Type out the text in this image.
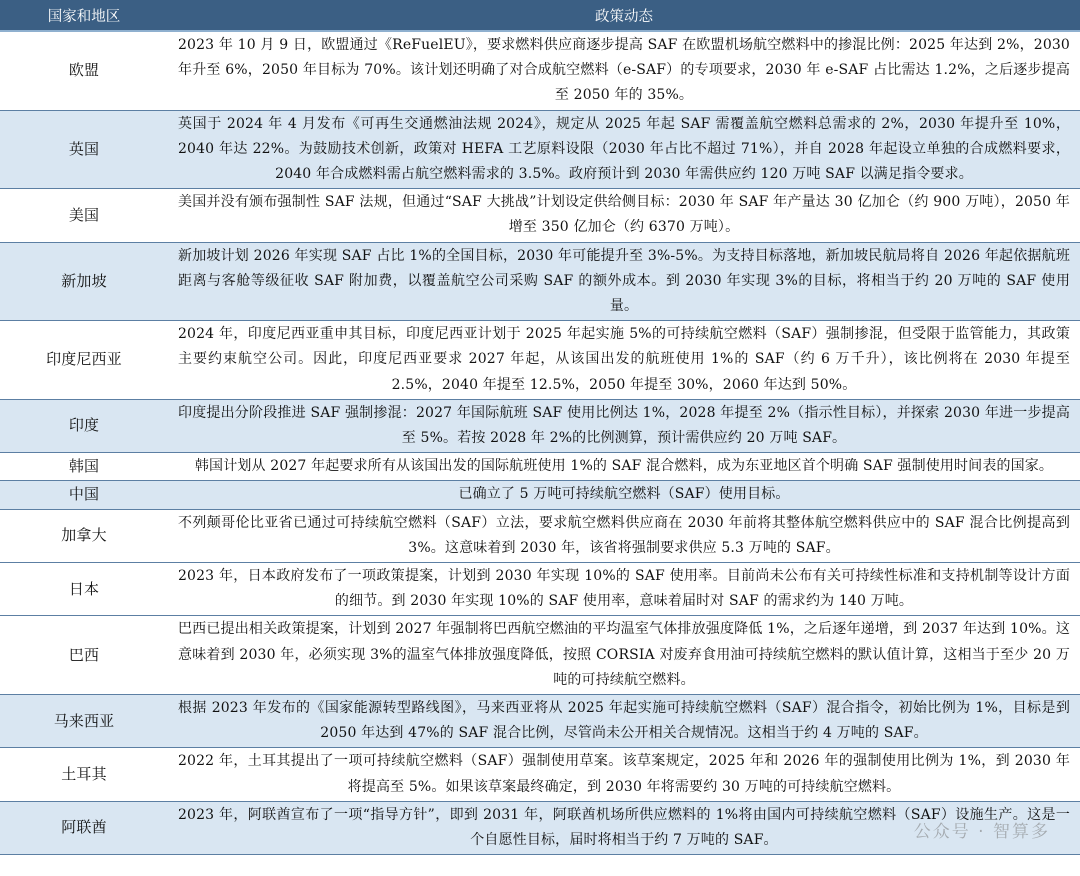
国家和地区	政策动态
欧盟	2023 年 10 月 9 日，欧盟通过《ReFuelEU》，要求燃料供应商逐步提高 SAF 在欧盟机场航空燃料中的掺混比例：2025 年达到 2%，2030 年升至 6%，2050 年目标为 70%。该计划还明确了对合成航空燃料（e-SAF）的专项要求，2030 年 e-SAF 占比需达 1.2%，之后逐步提高至 2050 年的 35%。
英国	英国于 2024 年 4 月发布《可再生交通燃油法规 2024》，规定从 2025 年起 SAF 需覆盖航空燃料总需求的 2%，2030 年提升至 10%，2040 年达 22%。为鼓励技术创新，政策对 HEFA 工艺原料设限（2030 年占比不超过 71%），并自 2028 年起设立单独的合成燃料要求，2040 年合成燃料需占航空燃料需求的 3.5%。政府预计到 2030 年需供应约 120 万吨 SAF 以满足指令要求。
美国	美国并没有颁布强制性 SAF 法规，但通过“SAF 大挑战”计划设定供给侧目标：2030 年 SAF 年产量达 30 亿加仑（约 900 万吨），2050 年增至 350 亿加仑（约 6370 万吨）。
新加坡	新加坡计划 2026 年实现 SAF 占比 1%的全国目标，2030 年可能提升至 3%-5%。为支持目标落地，新加坡民航局将自 2026 年起依据航班距离与客舱等级征收 SAF 附加费，以覆盖航空公司采购 SAF 的额外成本。到 2030 年实现 3%的目标，将相当于约 20 万吨的 SAF 使用量。
印度尼西亚	2024 年，印度尼西亚重申其目标，印度尼西亚计划于 2025 年起实施 5%的可持续航空燃料（SAF）强制掺混，但受限于监管能力，其政策主要约束航空公司。因此，印度尼西亚要求 2027 年起，从该国出发的航班使用 1%的 SAF（约 6 万千升），该比例将在 2030 年提至 2.5%，2040 年提至 12.5%，2050 年提至 30%，2060 年达到 50%。
印度	印度提出分阶段推进 SAF 强制掺混：2027 年国际航班 SAF 使用比例达 1%，2028 年提至 2%（指示性目标），并探索 2030 年进一步提高至 5%。若按 2028 年 2%的比例测算，预计需供应约 20 万吨 SAF。
韩国	韩国计划从 2027 年起要求所有从该国出发的国际航班使用 1%的 SAF 混合燃料，成为东亚地区首个明确 SAF 强制使用时间表的国家。
中国	已确立了 5 万吨可持续航空燃料（SAF）使用目标。
加拿大	不列颠哥伦比亚省已通过可持续航空燃料（SAF）立法，要求航空燃料供应商在 2030 年前将其整体航空燃料供应中的 SAF 混合比例提高到 3%。这意味着到 2030 年，该省将强制要求供应 5.3 万吨的 SAF。
日本	2023 年，日本政府发布了一项政策提案，计划到 2030 年实现 10%的 SAF 使用率。目前尚未公布有关可持续性标准和支持机制等设计方面的细节。到 2030 年实现 10%的 SAF 使用率，意味着届时对 SAF 的需求约为 140 万吨。
巴西	巴西已提出相关政策提案，计划到 2027 年强制将巴西航空燃油的平均温室气体排放强度降低 1%，之后逐年递增，到 2037 年达到 10%。这意味着到 2030 年，必须实现 3%的温室气体排放强度降低，按照 CORSIA 对废弃食用油可持续航空燃料的默认值计算，这相当于至少 20 万吨的可持续航空燃料。
马来西亚	根据 2023 年发布的《国家能源转型路线图》，马来西亚将从 2025 年起实施可持续航空燃料（SAF）混合指令，初始比例为 1%，目标是到 2050 年达到 47%的 SAF 混合比例，尽管尚未公开相关合规情况。这相当于约 4 万吨的 SAF。
土耳其	2022 年，土耳其提出了一项可持续航空燃料（SAF）强制使用草案。该草案规定，2025 年和 2026 年的强制使用比例为 1%，到 2030 年将提高至 5%。如果该草案最终确定，到 2030 年将需要约 30 万吨的可持续航空燃料。
阿联酋	2023 年，阿联酋宣布了一项“指导方针”，即到 2031 年，阿联酋机场所供应燃料的 1%将由国内可持续航空燃料（SAF）设施生产。这是一个自愿性目标，届时将相当于约 7 万吨的 SAF。	公众号 · 智算多
